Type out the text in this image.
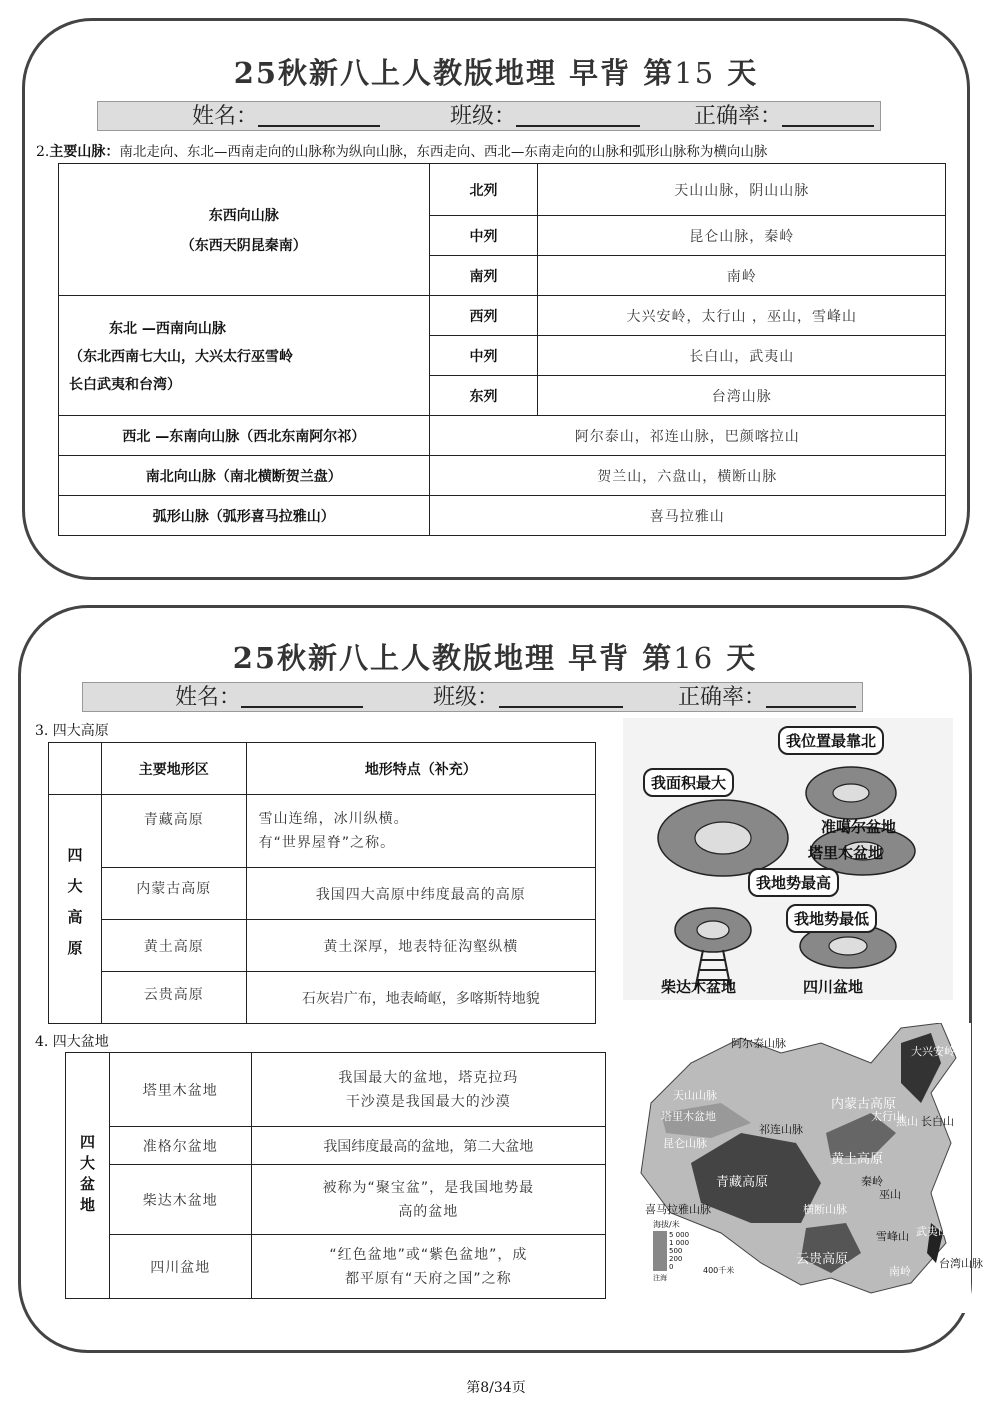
25秋新八上人教版地理 早背 第15 天
姓名：	班级：	正确率：
2.主要山脉：南北走向、东北—西南走向的山脉称为纵向山脉，东西走向、西北—东南走向的山脉和弧形山脉称为横向山脉
东西向山脉
（东西天阴昆秦南）	北列	天山山脉，阴山山脉
	中列	昆仑山脉，秦岭
	南列	南岭

东北 —西南向山脉
（东北西南七大山，大兴太行巫雪岭
长白武夷和台湾）	西列	大兴安岭，太行山 ，巫山，雪峰山
	中列	长白山，武夷山
	东列	台湾山脉
西北 —东南向山脉（西北东南阿尔祁）	阿尔泰山，祁连山脉，巴颜喀拉山	
南北向山脉（南北横断贺兰盘）	贺兰山，六盘山，横断山脉	
弧形山脉（弧形喜马拉雅山）	喜马拉雅山	
25秋新八上人教版地理 早背 第16 天
姓名：	班级：	正确率：
3. 四大高原
	主要地形区	地形特点（补充）

四大高原	青藏高原	雪山连绵，冰川纵横。
有“世界屋脊”之称。

	内蒙古高原	我国四大高原中纬度最高的高原
	黄土高原	黄土深厚，地表特征沟壑纵横
	云贵高原	石灰岩广布，地表崎岖，多喀斯特地貌
4. 四大盆地
四大盆地	塔里木盆地	我国最大的盆地，塔克拉玛
干沙漠是我国最大的沙漠

	准格尔盆地	我国纬度最高的盆地，第二大盆地
	柴达木盆地	被称为“聚宝盆”，是我国地势最
高的盆地

	四川盆地	“红色盆地”或“紫色盆地”，成
都平原有“天府之国”之称
我位置最靠北
我面积最大
我地势最高
我地势最低
准噶尔盆地
塔里木盆地
柴达木盆地	四川盆地
阿尔泰山脉
天山山脉
塔里木盆地
昆仑山脉
青藏高原
祁连山脉
内蒙古高原
黄土高原
大兴安岭
太行山
燕山 长白山
秦岭
巫山
横断山脉
云贵高原
喜马拉雅山脉
雪峰山 武夷山
南岭
台湾山脉
海拔/米
5 000
1 000
500
200
0
注海
400千米
第8/34页
